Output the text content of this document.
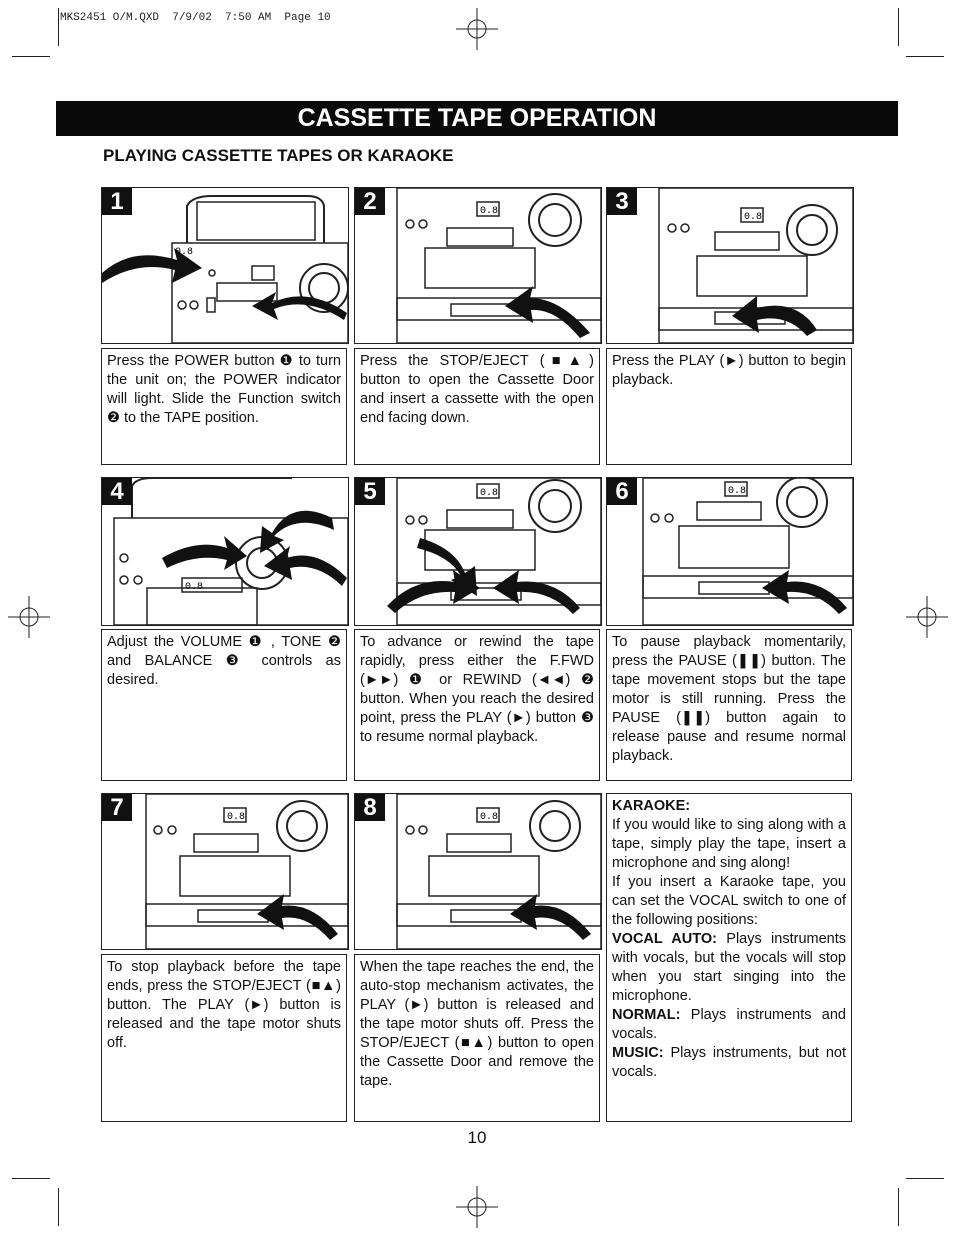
MKS2451 O/M.QXD  7/9/02  7:50 AM  Page 10
CASSETTE TAPE OPERATION
PLAYING CASSETTE TAPES OR KARAOKE
0.8
1	0.8
2
0.8
3
Press the POWER button ❶ to turn the unit on; the POWER indicator will light. Slide the Function switch ❷ to the TAPE position.
Press the STOP/EJECT (■▲) button to open the Cassette Door and insert a cassette with the open end facing down.
Press the PLAY (►) button to begin playback.
0.8
4	0.8
5	0.8
6
Adjust the VOLUME ❶ , TONE ❷ and BALANCE ❸ controls as desired.
To advance or rewind the tape rapidly, press either the F.FWD (►►) ❶ or REWIND (◄◄) ❷ button. When you reach the desired point, press the PLAY (►) button ❸ to resume normal playback.
To pause playback momentarily, press the PAUSE (❚❚) button. The tape movement stops but the tape motor is still running. Press the PAUSE (❚❚) button again to release pause and resume normal playback.
0.8
7	0.8
8	KARAOKE:

If you would like to sing along with a tape, simply play the tape, insert a microphone and sing along!

If you insert a Karaoke tape, you can set the VOCAL switch to one of the following positions:

VOCAL AUTO: Plays instruments with vocals, but the vocals will stop when you start singing into the microphone.

NORMAL: Plays instruments and vocals.

MUSIC: Plays instruments, but not vocals.

To stop playback before the tape ends, press the STOP/EJECT (■▲) button. The PLAY (►) button is released and the tape motor shuts off.
When the tape reaches the end, the auto-stop mechanism activates, the PLAY (►) button is released and the tape motor shuts off. Press the STOP/EJECT (■▲) button to open the Cassette Door and remove the tape.
10
